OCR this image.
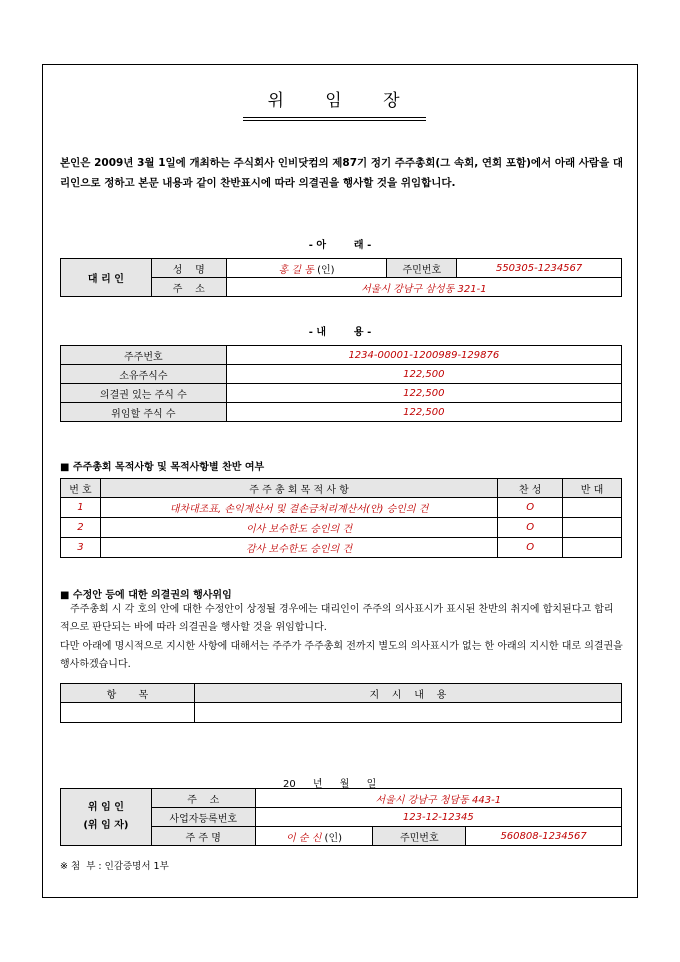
위 임 장
본인은 2009년 3월 1일에 개최하는 주식회사 인비닷컴의 제87기 정기 주주총회(그 속회, 연회 포함)에서 아래 사람을 대리인으로 정하고 본문 내용과 같이 찬반표시에 따라 의결권을 행사할 것을 위임합니다.
- 아        래 -
대 리 인	성    명	홍 길 동 (인)	주민번호	550305-1234567
	주    소	서울시 강남구 삼성동 321-1		
- 내        용 -
주주번호	1234-00001-1200989-129876
소유주식수	122,500
의결권 있는 주식 수	122,500
위임할 주식 수	122,500
■ 주주총회 목적사항 및 목적사항별 찬반 여부
번 호	주 주 총 회 목 적 사 항	찬 성	반 대
1	대차대조표, 손익계산서 및 결손금처리계산서(안) 승인의 건	O	
2	이사 보수한도 승인의 건	O	
3	감사 보수한도 승인의 건	O	
■ 수정안 등에 대한 의결권의 행사위임
주주총회 시 각 호의 안에 대한 수정안이 상정될 경우에는 대리인이 주주의 의사표시가 표시된 찬반의 취지에 합치된다고 합리적으로 판단되는 바에 따라 의결권을 행사할 것을 위임합니다.
다만 아래에 명시적으로 지시한 사항에 대해서는 주주가 주주총회 전까지 별도의 의사표시가 없는 한 아래의 지시한 대로 의결권을 행사하겠습니다.
항       목	지    시    내    용

20 년 월 일
위 임 인
(위 임 자)	주    소	서울시 강남구 청담동 443-1		
	사업자등록번호	123-12-12345		
	주 주 명	이 순 신 (인)	주민번호	560808-1234567
※ 첨  부 : 인감증명서 1부
